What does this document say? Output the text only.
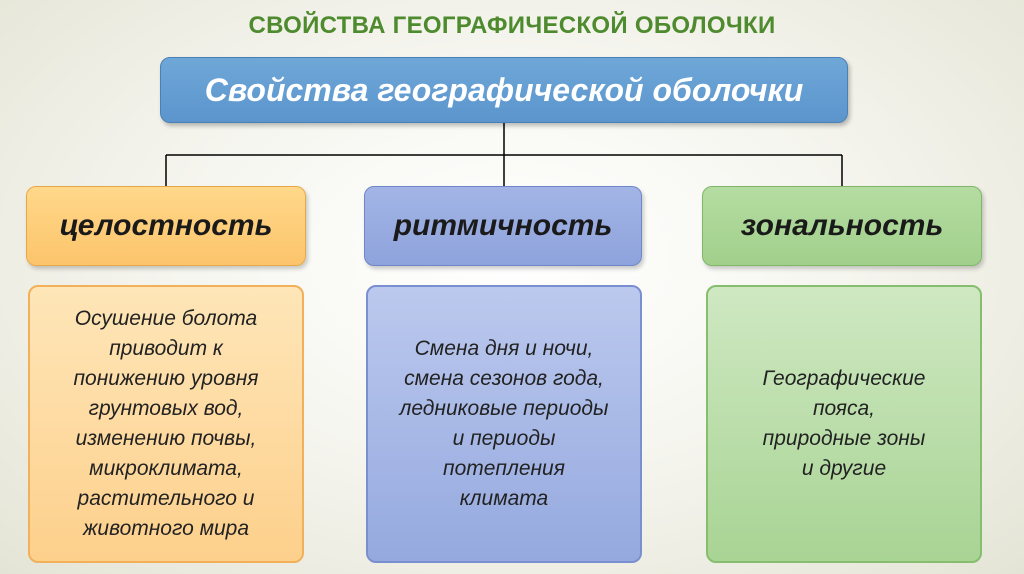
СВОЙСТВА ГЕОГРАФИЧЕСКОЙ ОБОЛОЧКИ
Свойства географической оболочки
целостность	ритмичность	зональность
Осушение болота
приводит к
понижению уровня
грунтовых вод,
изменению почвы,
микроклимата,
растительного и
животного мира
Смена дня и ночи,
смена сезонов года,
ледниковые периоды
и периоды
потепления
климата
Географические
пояса,
природные зоны
и другие
